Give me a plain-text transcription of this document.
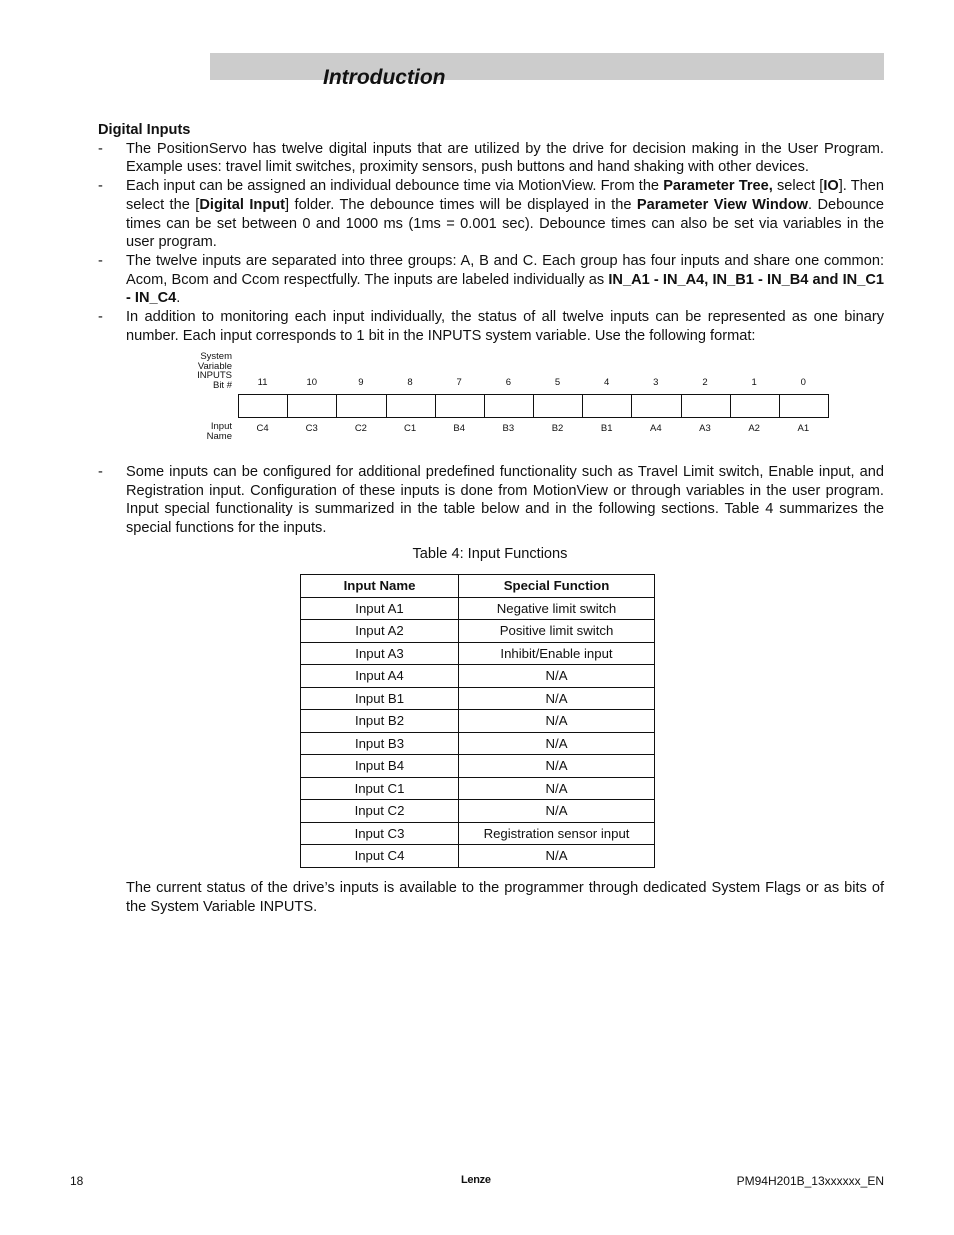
Introduction
Digital Inputs
- The PositionServo has twelve digital inputs that are utilized by the drive for decision making in the User Program. Example uses: travel limit switches, proximity sensors, push buttons and hand shaking with other devices.
- Each input can be assigned an individual debounce time via MotionView. From the Parameter Tree, select [IO]. Then select the [Digital Input] folder. The debounce times will be displayed in the Parameter View Window. Debounce times can be set between 0 and 1000 ms (1ms = 0.001 sec). Debounce times can also be set via variables in the user program.
- The twelve inputs are separated into three groups: A, B and C. Each group has four inputs and share one common: Acom, Bcom and Ccom respectfully. The inputs are labeled individually as IN_A1 - IN_A4, IN_B1 - IN_B4 and IN_C1 - IN_C4.
- In addition to monitoring each input individually, the status of all twelve inputs can be represented as one binary number. Each input corresponds to 1 bit in the INPUTS system variable. Use the following format:
System
Variable
INPUTS
Bit #	11	10	9	8	7	6	5	4	3	2	1	0
Input
Name
C4	C3	C2	C1	B4	B3	B2	B1	A4	A3	A2	A1
- Some inputs can be configured for additional predefined functionality such as Travel Limit switch, Enable input, and Registration input. Configuration of these inputs is done from MotionView or through variables in the user program. Input special functionality is summarized in the table below and in the following sections. Table 4 summarizes the special functions for the inputs.
Table 4: Input Functions
Input Name	Special Function
Input A1	Negative limit switch
Input A2	Positive limit switch
Input A3	Inhibit/Enable input
Input A4	N/A
Input B1	N/A
Input B2	N/A
Input B3	N/A
Input B4	N/A
Input C1	N/A
Input C2	N/A
Input C3	Registration sensor input
Input C4	N/A
The current status of the drive’s inputs is available to the programmer through dedicated System Flags or as bits of the System Variable INPUTS.
18	Lenze	PM94H201B_13xxxxxx_EN
